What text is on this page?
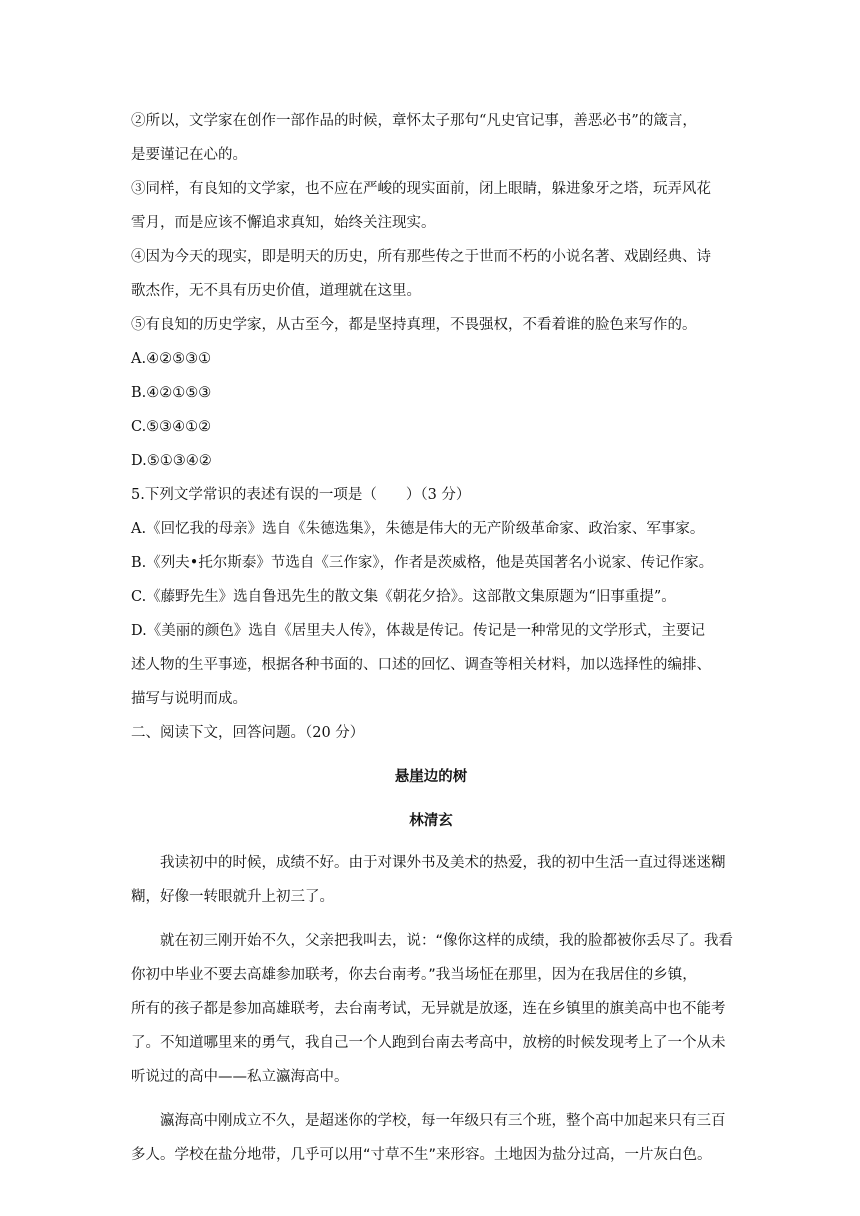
②所以，文学家在创作一部作品的时候，章怀太子那句“凡史官记事，善恶必书”的箴言，

是要谨记在心的。

③同样，有良知的文学家，也不应在严峻的现实面前，闭上眼睛，躲进象牙之塔，玩弄风花

雪月，而是应该不懈追求真知，始终关注现实。

④因为今天的现实，即是明天的历史，所有那些传之于世而不朽的小说名著、戏剧经典、诗

歌杰作，无不具有历史价值，道理就在这里。

⑤有良知的历史学家，从古至今，都是坚持真理，不畏强权，不看着谁的脸色来写作的。

A.④②⑤③①

B.④②①⑤③

C.⑤③④①②

D.⑤①③④②

5.下列文学常识的表述有误的一项是（　　）（3 分）

A.《回忆我的母亲》选自《朱德选集》，朱德是伟大的无产阶级革命家、政治家、军事家。

B.《列夫•托尔斯泰》节选自《三作家》，作者是茨威格，他是英国著名小说家、传记作家。

C.《藤野先生》选自鲁迅先生的散文集《朝花夕拾》。这部散文集原题为“旧事重提”。

D.《美丽的颜色》选自《居里夫人传》，体裁是传记。传记是一种常见的文学形式，主要记

述人物的生平事迹，根据各种书面的、口述的回忆、调查等相关材料，加以选择性的编排、

描写与说明而成。

二、阅读下文，回答问题。（20 分）

悬崖边的树

林清玄

我读初中的时候，成绩不好。由于对课外书及美术的热爱，我的初中生活一直过得迷迷糊

糊，好像一转眼就升上初三了。

就在初三刚开始不久，父亲把我叫去，说：“像你这样的成绩，我的脸都被你丢尽了。我看

你初中毕业不要去高雄参加联考，你去台南考。”我当场怔在那里，因为在我居住的乡镇，

所有的孩子都是参加高雄联考，去台南考试，无异就是放逐，连在乡镇里的旗美高中也不能考

了。不知道哪里来的勇气，我自己一个人跑到台南去考高中，放榜的时候发现考上了一个从未

听说过的高中——私立瀛海高中。

瀛海高中刚成立不久，是超迷你的学校，每一年级只有三个班，整个高中加起来只有三百

多人。学校在盐分地带，几乎可以用“寸草不生”来形容。土地因为盐分过高，一片灰白色。
